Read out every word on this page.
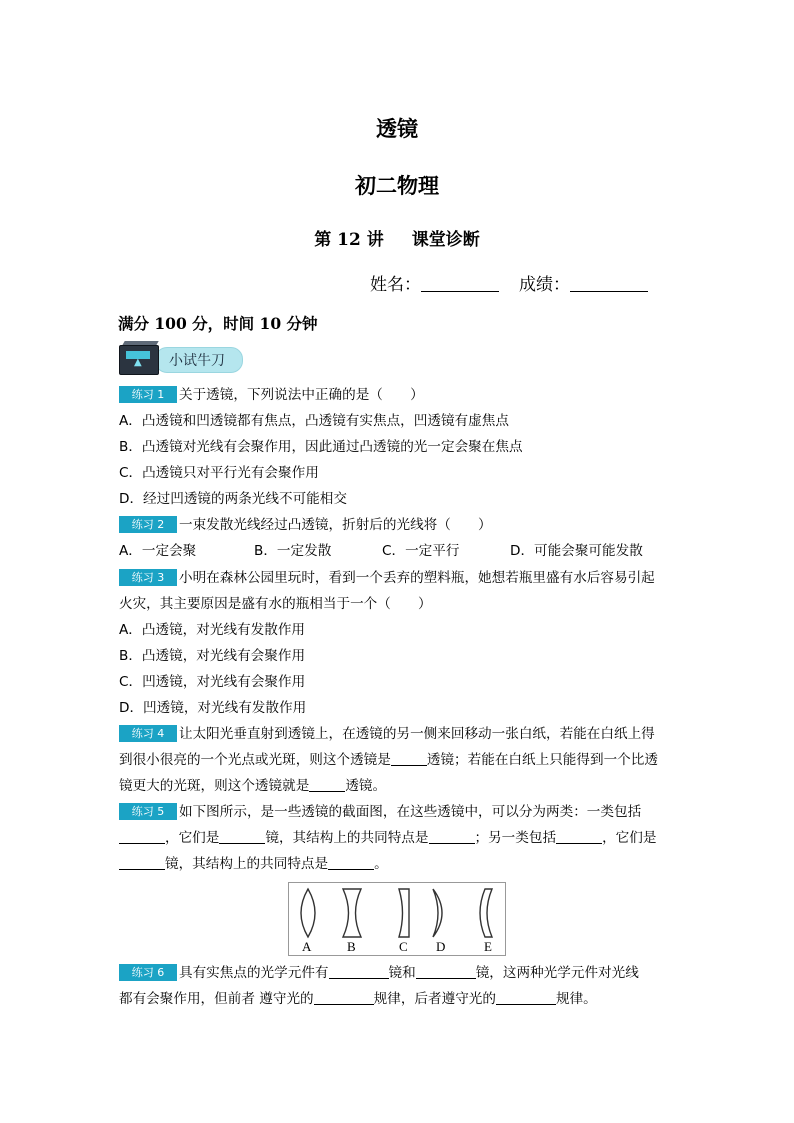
透镜
初二物理
第 12 讲 课堂诊断
姓名：	成绩：
满分 100 分，时间 10 分钟
▲
小试牛刀
练习 1 关于透镜，下列说法中正确的是（　　）
A．凸透镜和凹透镜都有焦点，凸透镜有实焦点，凹透镜有虚焦点
B．凸透镜对光线有会聚作用，因此通过凸透镜的光一定会聚在焦点
C．凸透镜只对平行光有会聚作用
D．经过凹透镜的两条光线不可能相交
练习 2 一束发散光线经过凸透镜，折射后的光线将（　　）
A．一定会聚	B．一定发散	C．一定平行	D．可能会聚可能发散
练习 3 小明在森林公园里玩时，看到一个丢弃的塑料瓶，她想若瓶里盛有水后容易引起
火灾，其主要原因是盛有水的瓶相当于一个（　　）
A．凸透镜，对光线有发散作用
B．凸透镜，对光线有会聚作用
C．凹透镜，对光线有会聚作用
D．凹透镜，对光线有发散作用
练习 4 让太阳光垂直射到透镜上，在透镜的另一侧来回移动一张白纸，若能在白纸上得
到很小很亮的一个光点或光斑，则这个透镜是	透镜；若能在白纸上只能得到一个比透
镜更大的光斑，则这个透镜就是	透镜。
练习 5 如下图所示，是一些透镜的截面图，在这些透镜中，可以分为两类：一类包括
，它们是	镜，其结构上的共同特点是	；另一类包括	，它们是
镜，其结构上的共同特点是	。
A	B	C D	E
练习 6 具有实焦点的光学元件有	镜和	镜，这两种光学元件对光线
都有会聚作用，但前者 遵守光的	规律，后者遵守光的	规律。
